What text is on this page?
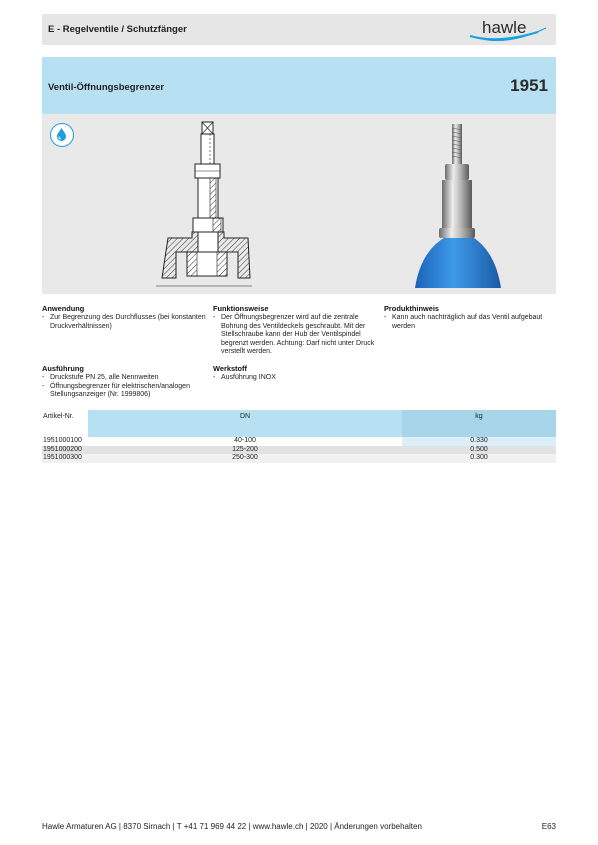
E - Regelventile / Schutzfänger	hawle
Ventil-Öffnungsbegrenzer	1951
Anwendung
- Zur Begrenzung des Durchflusses (bei konstanten Druckverhältnissen)
Funktionsweise
- Der Öffnungsbegrenzer wird auf die zentrale Bohrung des Ventildeckels geschraubt. Mit der Stellschraube kann der Hub der Ventilspindel begrenzt werden. Achtung: Darf nicht unter Druck verstellt werden.
Produkthinweis
- Kann auch nachträglich auf das Ventil aufgebaut werden
Ausführung
- Druckstufe PN 25, alle Nennweiten
- Öffnungsbegrenzer für elektrischen/analogen Stellungsanzeiger (Nr. 1999806)
Werkstoff
- Ausführung INOX
Artikel-Nr.	DN	kg
1951000100	40-100	0.330
1951000200	125-200	0.500
1951000300	250-300	0.300
Hawle Armaturen AG | 8370 Sirnach | T +41 71 969 44 22 | www.hawle.ch | 2020 | Änderungen vorbehalten	E63
